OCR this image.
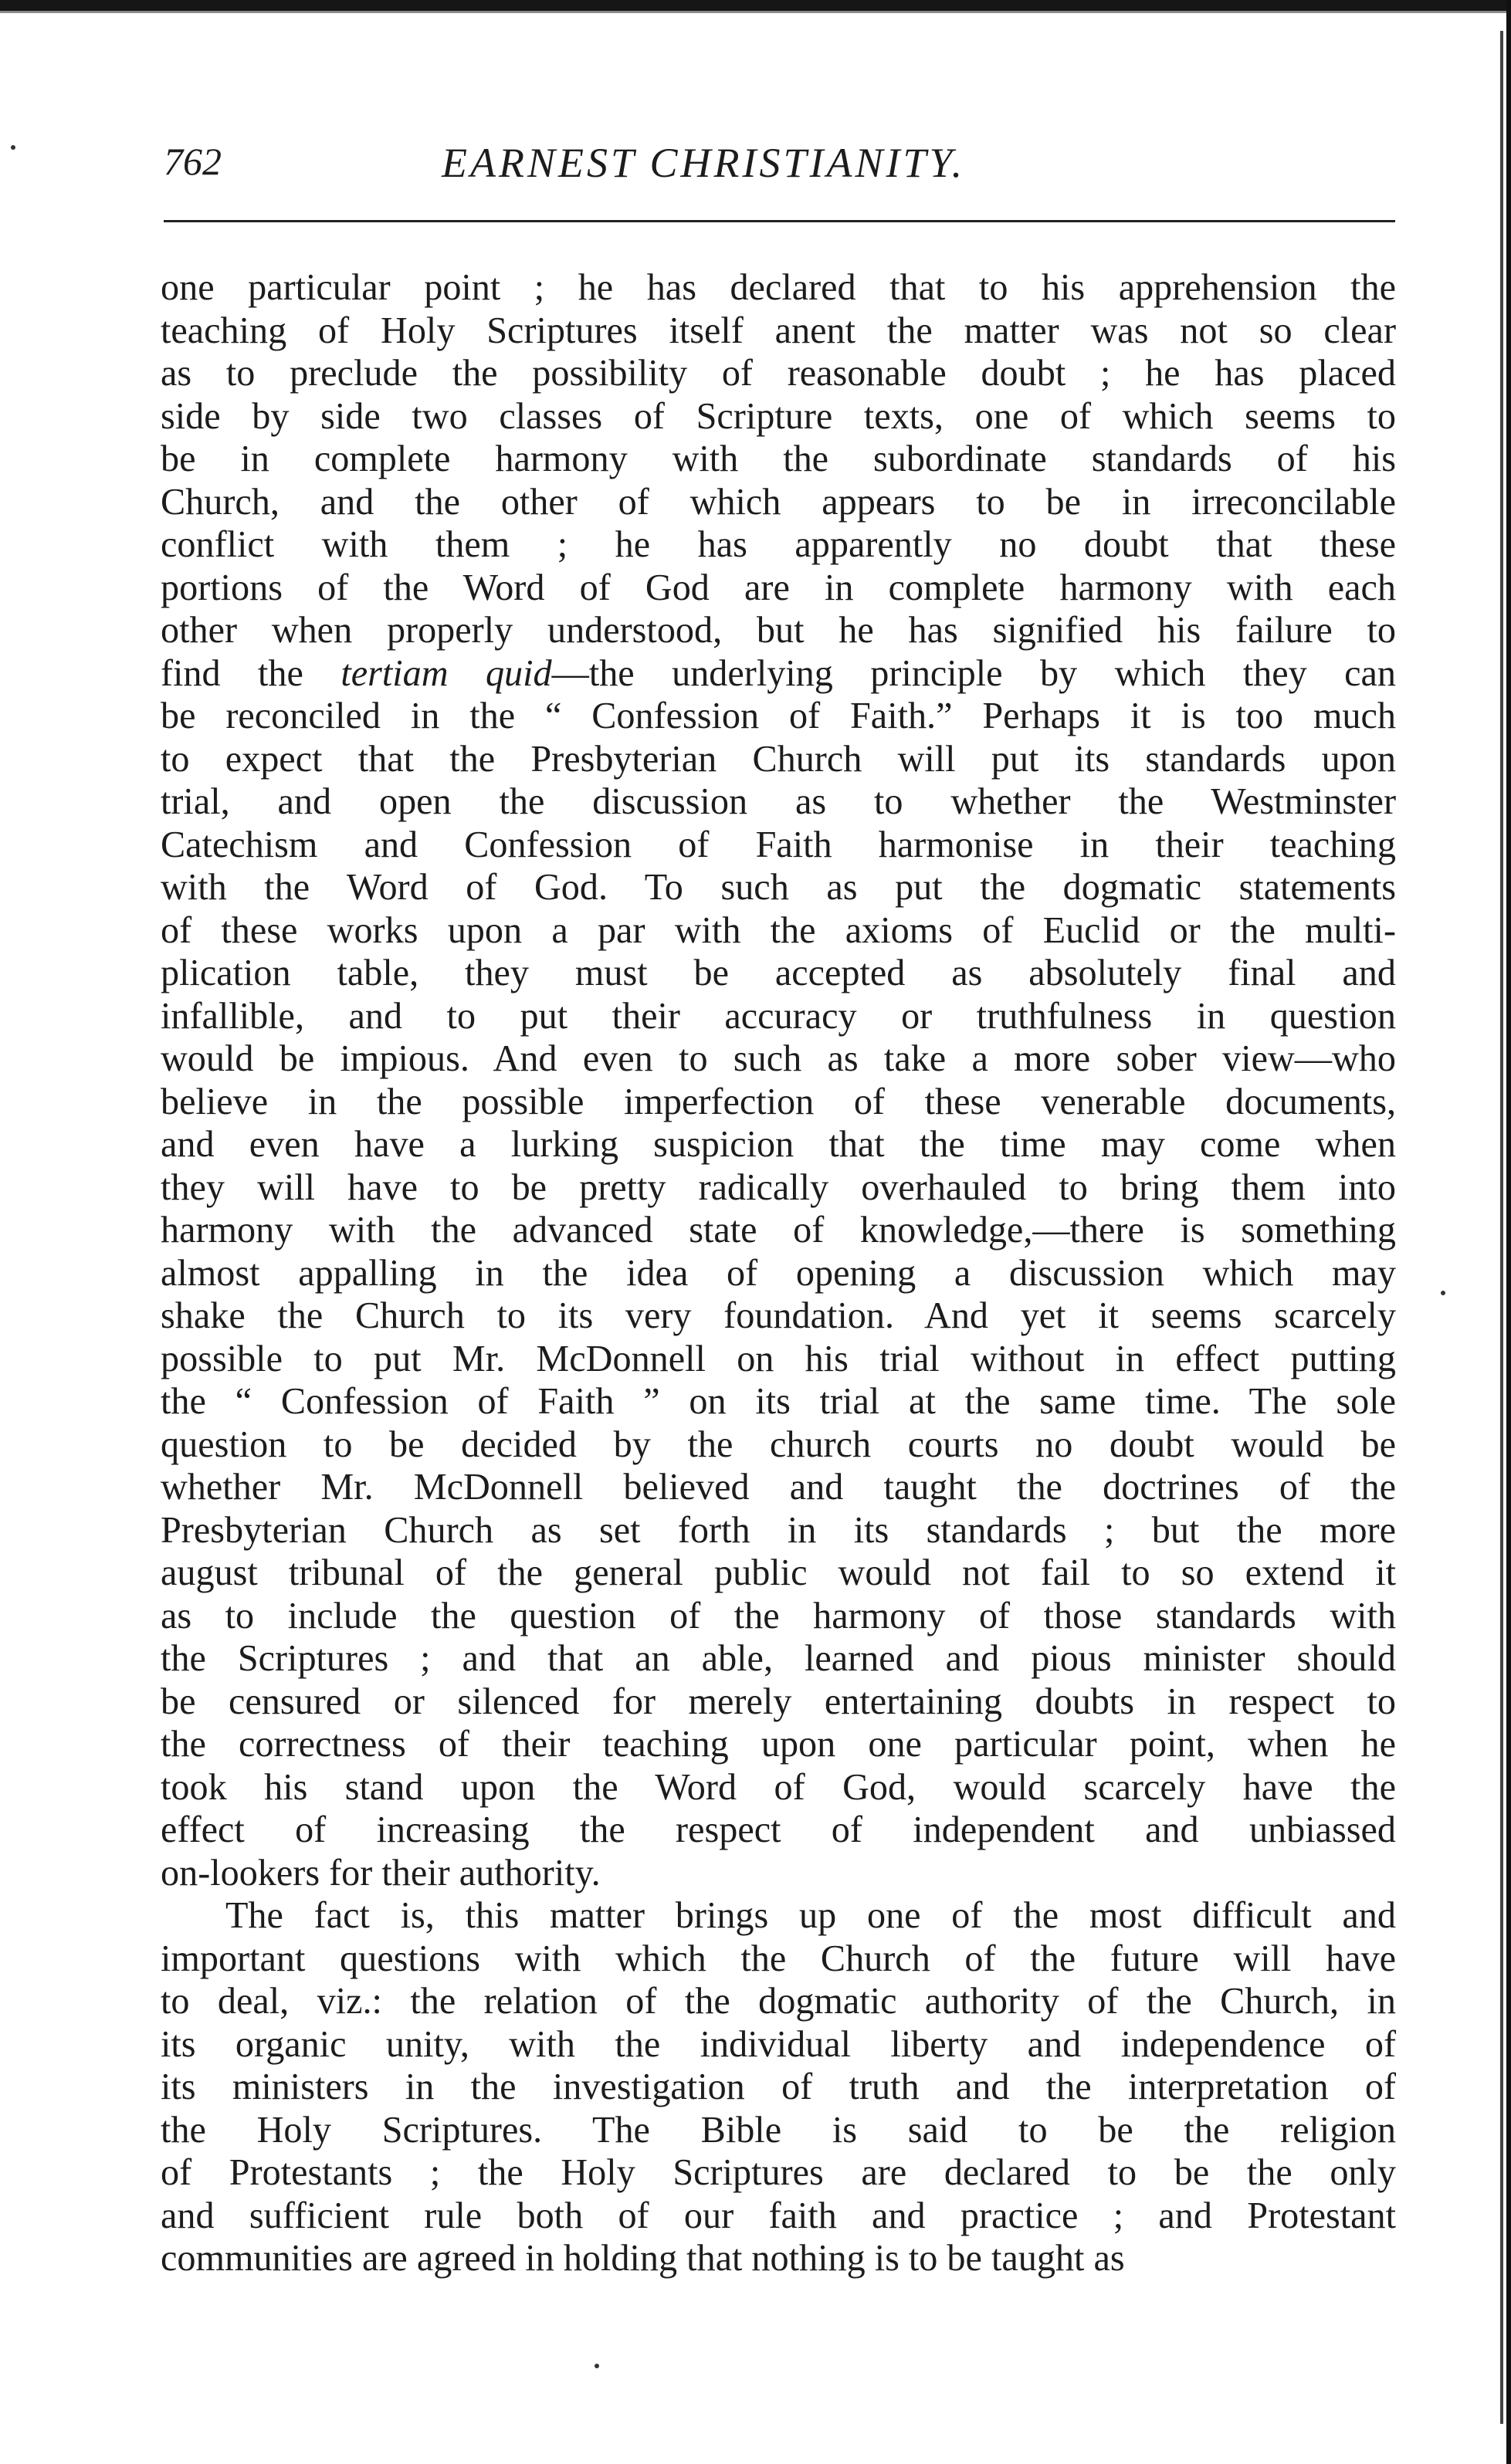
762	EARNEST CHRISTIANITY.
one particular point ; he has declared that to his apprehension the
teaching of Holy Scriptures itself anent the matter was not so clear
as to preclude the possibility of reasonable doubt ; he has placed
side by side two classes of Scripture texts, one of which seems to
be in complete harmony with the subordinate standards of his
Church, and the other of which appears to be in irreconcilable
conflict with them ; he has apparently no doubt that these
portions of the Word of God are in complete harmony with each
other when properly understood, but he has signified his failure to
find the tertiam quid—the underlying principle by which they can
be reconciled in the “ Confession of Faith.” Perhaps it is too much
to expect that the Presbyterian Church will put its standards upon
trial, and open the discussion as to whether the Westminster
Catechism and Confession of Faith harmonise in their teaching
with the Word of God. To such as put the dogmatic statements
of these works upon a par with the axioms of Euclid or the multi-
plication table, they must be accepted as absolutely final and
infallible, and to put their accuracy or truthfulness in question
would be impious. And even to such as take a more sober view—who
believe in the possible imperfection of these venerable documents,
and even have a lurking suspicion that the time may come when
they will have to be pretty radically overhauled to bring them into
harmony with the advanced state of knowledge,—there is something
almost appalling in the idea of opening a discussion which may
shake the Church to its very foundation. And yet it seems scarcely
possible to put Mr. McDonnell on his trial without in effect putting
the “ Confession of Faith ” on its trial at the same time. The sole
question to be decided by the church courts no doubt would be
whether Mr. McDonnell believed and taught the doctrines of the
Presbyterian Church as set forth in its standards ; but the more
august tribunal of the general public would not fail to so extend it
as to include the question of the harmony of those standards with
the Scriptures ; and that an able, learned and pious minister should
be censured or silenced for merely entertaining doubts in respect to
the correctness of their teaching upon one particular point, when he
took his stand upon the Word of God, would scarcely have the
effect of increasing the respect of independent and unbiassed
on-lookers for their authority.
The fact is, this matter brings up one of the most difficult and
important questions with which the Church of the future will have
to deal, viz.: the relation of the dogmatic authority of the Church, in
its organic unity, with the individual liberty and independence of
its ministers in the investigation of truth and the interpretation of
the Holy Scriptures. The Bible is said to be the religion
of Protestants ; the Holy Scriptures are declared to be the only
and sufficient rule both of our faith and practice ; and Protestant
communities are agreed in holding that nothing is to be taught as
